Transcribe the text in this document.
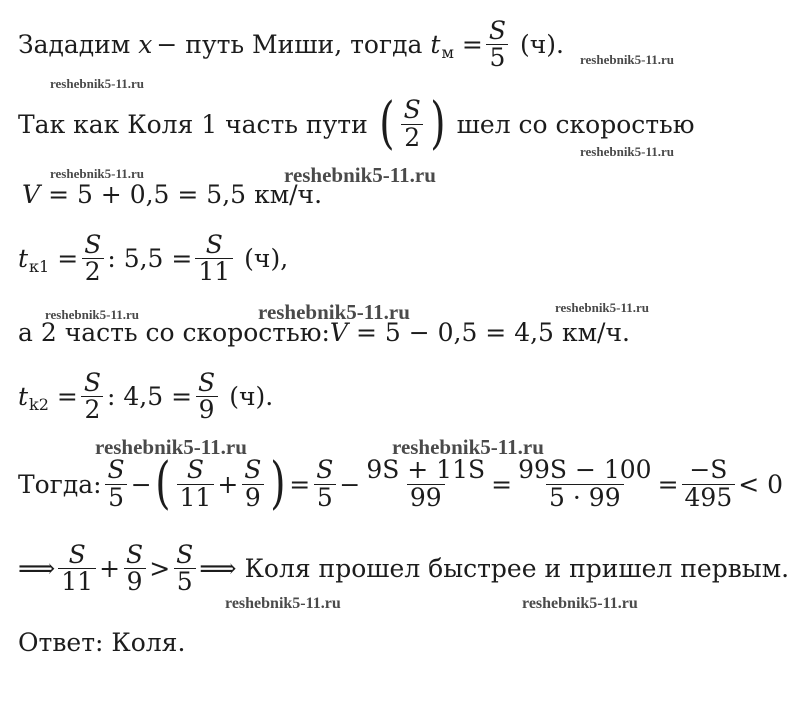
reshebnik5-11.ru
reshebnik5-11.ru
reshebnik5-11.ru
reshebnik5-11.ru	reshebnik5-11.ru
reshebnik5-11.ru	reshebnik5-11.ru	reshebnik5-11.ru
reshebnik5-11.ru	reshebnik5-11.ru
reshebnik5-11.ru	reshebnik5-11.ru
Зададим x − путь Миши, тогда t $м = \frac{S}{5} (ч)$.
Так как Коля 1 часть пути ( $\frac{S}{2}$ ) шел со скоростью
V = 5 + 0,5 = 5,5 км/ч.
t $к1 = \frac{S}{2}$ : $5,5 = \frac{S}{11} (ч)$,
а 2 часть со скоростью: V = 5 − 0,5 = 4,5 км/ч.
t $k2 = \frac{S}{2}$ : $4,5 = \frac{S}{9} (ч)$.
Тогда: $\frac{S}{5}$ − ( $\frac{S}{11} + \frac{S}{9}$ ) = $\frac{S}{5} - \frac{9S + 11S}{99} = \frac{99S - 100}{5 \cdot 99} = \frac{-S}{495} < 0$
⟹ $\frac{S}{11} + \frac{S}{9} > \frac{S}{5}$ ⟹ Коля прошел быстрее и пришел первым.
Ответ: Коля.
